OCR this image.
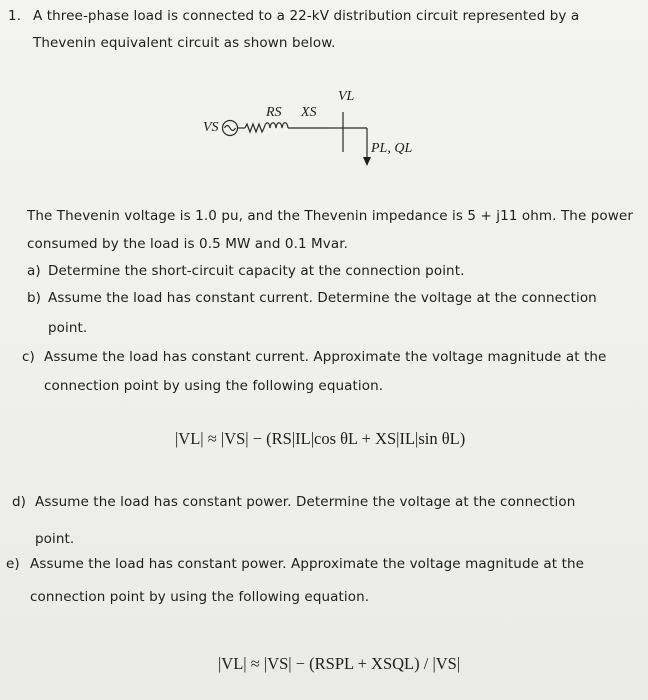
1. A three-phase load is connected to a 22-kV distribution circuit represented by a
Thevenin equivalent circuit as shown below.
VL
RS XS
VS
PL, QL
The Thevenin voltage is 1.0 pu, and the Thevenin impedance is 5 + j11 ohm. The power
consumed by the load is 0.5 MW and 0.1 Mvar.
a) Determine the short-circuit capacity at the connection point.
b) Assume the load has constant current. Determine the voltage at the connection
point.
c) Assume the load has constant current. Approximate the voltage magnitude at the
connection point by using the following equation.
|VL| ≈ |VS| − (RS|IL|cos θL + XS|IL|sin θL)
d) Assume the load has constant power. Determine the voltage at the connection
point.
e) Assume the load has constant power. Approximate the voltage magnitude at the
connection point by using the following equation.
|VL| ≈ |VS| − (RSPL + XSQL) / |VS|
